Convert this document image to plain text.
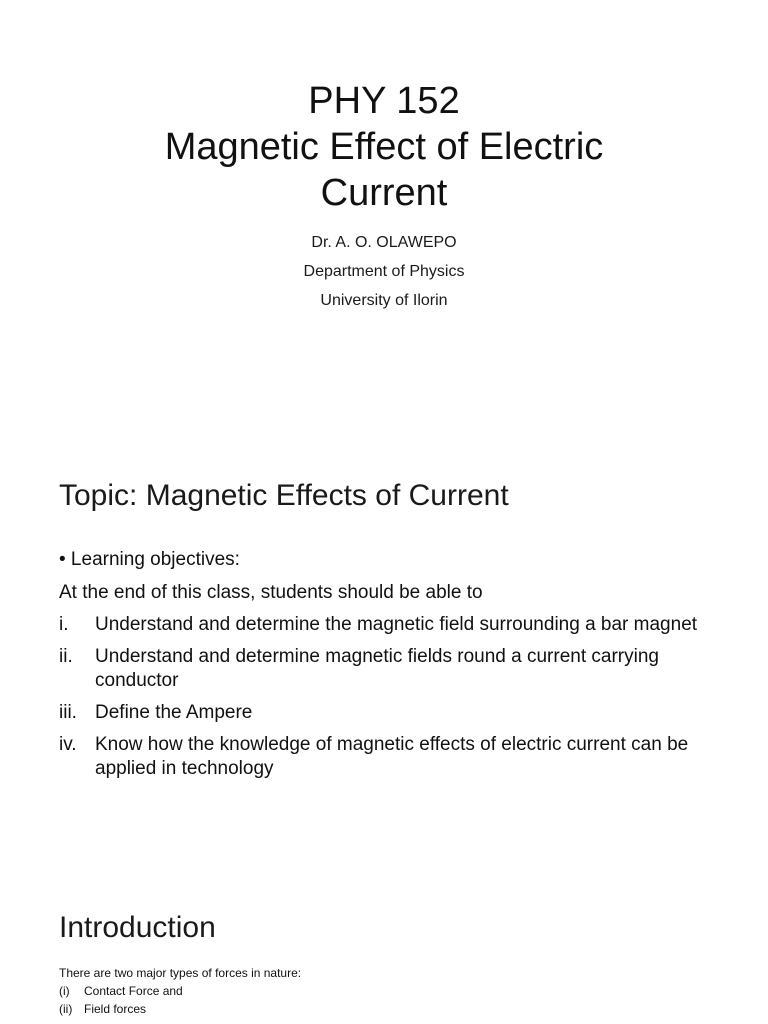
PHY 152
Magnetic Effect of Electric
Current
Dr. A. O. OLAWEPO
Department of Physics
University of Ilorin
Topic: Magnetic Effects of Current
• Learning objectives:
At the end of this class, students should be able to
i.	Understand and determine the magnetic field surrounding a bar magnet
ii.	Understand and determine magnetic fields round a current carrying conductor
iii. Define the Ampere
iv. Know how the knowledge of magnetic effects of electric current can be applied in technology
Introduction
There are two major types of forces in nature:
(i)	Contact Force and
(ii) Field forces
